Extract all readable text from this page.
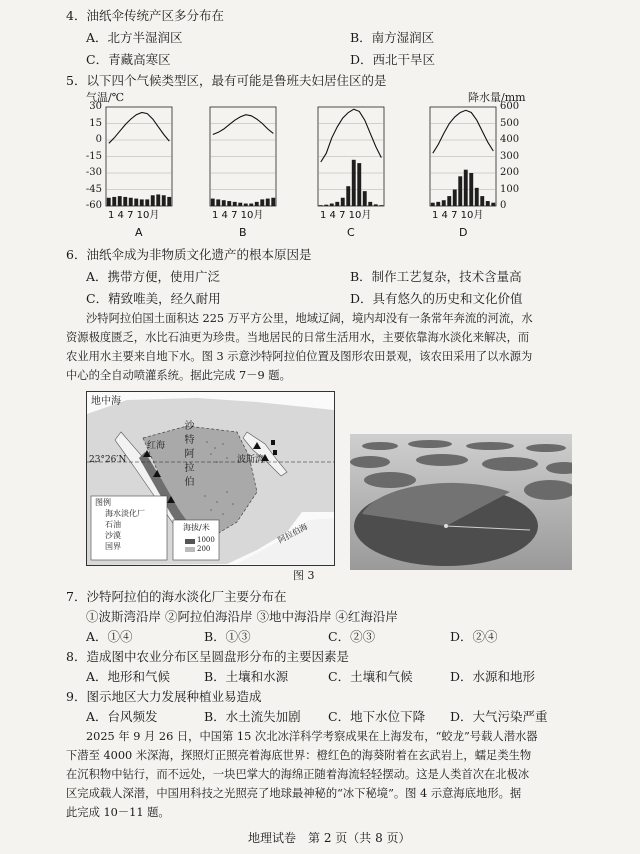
4．油纸伞传统产区多分布在
A．北方半湿润区	B．南方湿润区
C．青藏高寒区	D．西北干旱区
5．以下四个气候类型区，最有可能是鲁班夫妇居住区的是
气温/℃	降水量/mm
30
15
0
-15
-30
-45
-60
600
500
400
300
200
100
0
1 4 7 10月
A
1 4 7 10月
B
1 4 7 10月
C
1 4 7 10月
D
6．油纸伞成为非物质文化遗产的根本原因是
A．携带方便，使用广泛	B．制作工艺复杂，技术含量高
C．精致唯美，经久耐用	D．具有悠久的历史和文化价值
沙特阿拉伯国土面积达 225 万平方公里，地域辽阔，境内却没有一条常年奔流的河流，水
资源极度匮乏，水比石油更为珍贵。当地居民的日常生活用水，主要依靠海水淡化来解决，而
农业用水主要来自地下水。图 3 示意沙特阿拉伯位置及图形农田景观，该农田采用了以水源为
中心的全自动喷灌系统。据此完成 7－9 题。
地中海
23°26′N	沙特阿拉伯
红海
波斯湾
图例
海水淡化厂
石油
沙漠
国界
海拔/米
1000
200
阿拉伯海
图 3
7．沙特阿拉伯的海水淡化厂主要分布在
①波斯湾沿岸 ②阿拉伯海沿岸 ③地中海沿岸 ④红海沿岸
A．①④	B．①③	C．②③	D．②④
8．造成图中农业分布区呈圆盘形分布的主要因素是
A．地形和气候	B．土壤和水源	C．土壤和气候	D．水源和地形
9．图示地区大力发展种植业易造成
A．台风频发	B．水土流失加剧 C．地下水位下降 D．大气污染严重
2025 年 9 月 26 日，中国第 15 次北冰洋科学考察成果在上海发布，“蛟龙”号载人潜水器
下潜至 4000 米深海，探照灯正照亮着海底世界：橙红色的海葵附着在玄武岩上，蠕足类生物
在沉积物中钻行，而不远处，一块巴掌大的海绵正随着海流轻轻摆动。这是人类首次在北极冰
区完成载人深潜，中国用科技之光照亮了地球最神秘的“冰下秘境”。图 4 示意海底地形。据
此完成 10－11 题。
地理试卷　第 2 页（共 8 页）
